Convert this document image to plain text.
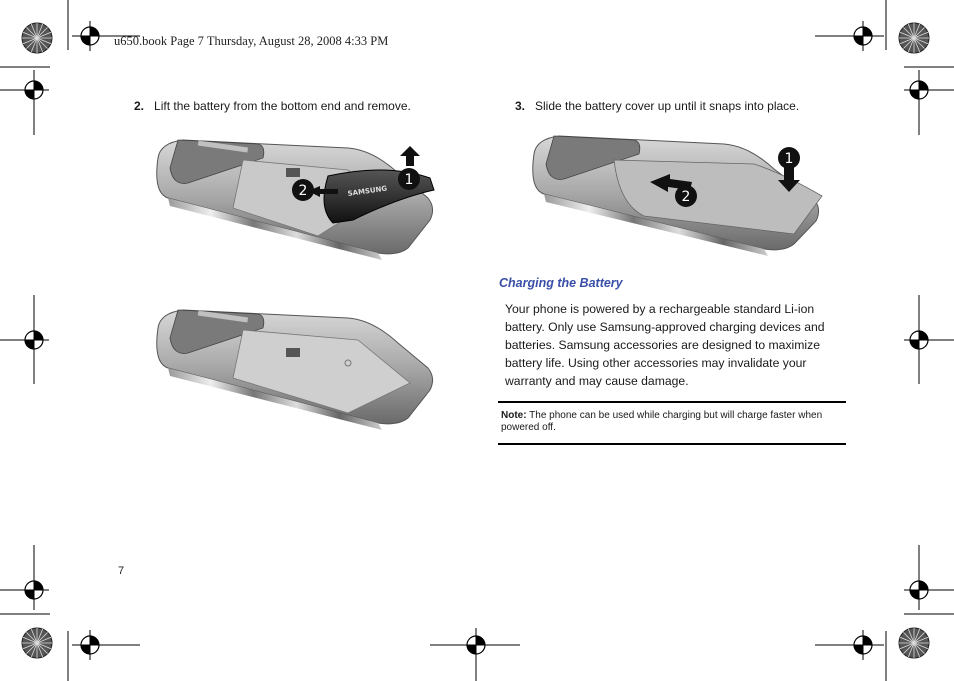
u650.book Page 7 Thursday, August 28, 2008 4:33 PM
2. Lift the battery from the bottom end and remove.	3. Slide the battery cover up until it snaps into place.
SAMSUNG
1
2
1
2
Charging the Battery
Your phone is powered by a rechargeable standard Li-ion battery. Only use Samsung-approved charging devices and batteries. Samsung accessories are designed to maximize battery life. Using other accessories may invalidate your warranty and may cause damage.
Note: The phone can be used while charging but will charge faster when powered off.
7
